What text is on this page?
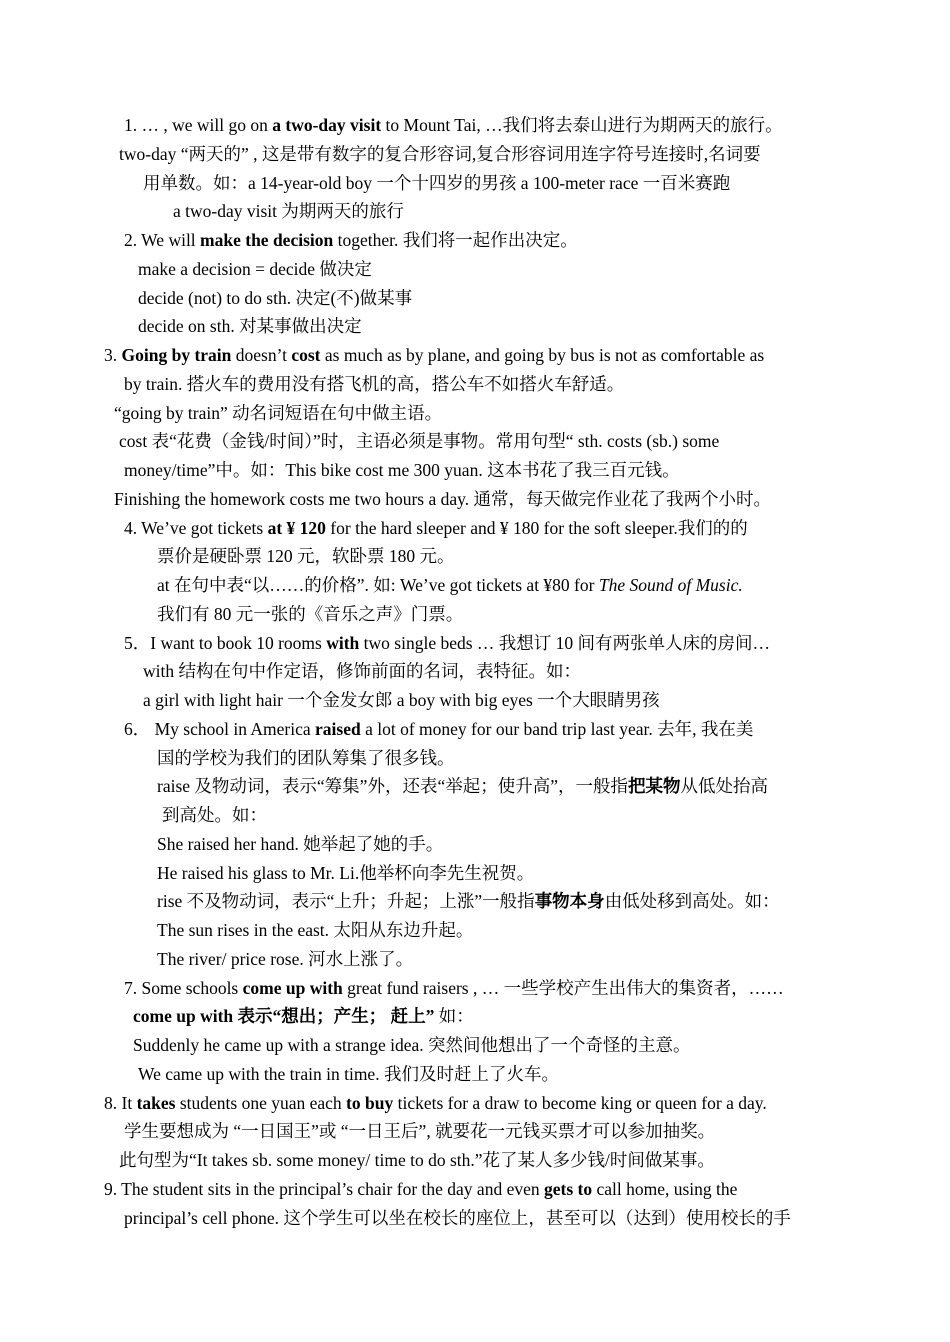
1. … , we will go on a two-day visit to Mount Tai, …我们将去泰山进行为期两天的旅行。
two-day “两天的” , 这是带有数字的复合形容词,复合形容词用连字符号连接时,名词要
用单数。如：a 14-year-old boy 一个十四岁的男孩 a 100-meter race 一百米赛跑
a two-day visit 为期两天的旅行
2. We will make the decision together. 我们将一起作出决定。
make a decision = decide 做决定
decide (not) to do sth. 决定(不)做某事
decide on sth. 对某事做出决定
3. Going by train doesn’t cost as much as by plane, and going by bus is not as comfortable as
by train. 搭火车的费用没有搭飞机的高，搭公车不如搭火车舒适。
“going by train” 动名词短语在句中做主语。
cost 表“花费（金钱/时间）”时，主语必须是事物。常用句型“ sth. costs (sb.) some
money/time”中。如：This bike cost me 300 yuan. 这本书花了我三百元钱。
Finishing the homework costs me two hours a day. 通常，每天做完作业花了我两个小时。
4. We’ve got tickets at ¥ 120 for the hard sleeper and ¥ 180 for the soft sleeper.我们的的
票价是硬卧票 120 元，软卧票 180 元。
at 在句中表“以……的价格”. 如: We’ve got tickets at ¥80 for The Sound of Music.
我们有 80 元一张的《音乐之声》门票。
5．I want to book 10 rooms with two single beds … 我想订 10 间有两张单人床的房间…
with 结构在句中作定语，修饰前面的名词，表特征。如：
a girl with light hair 一个金发女郎 a boy with big eyes 一个大眼睛男孩
6． My school in America raised a lot of money for our band trip last year. 去年, 我在美
国的学校为我们的团队筹集了很多钱。
raise 及物动词，表示“筹集”外，还表“举起；使升高”，一般指把某物从低处抬高
到高处。如：
She raised her hand. 她举起了她的手。
He raised his glass to Mr. Li.他举杯向李先生祝贺。
rise 不及物动词，表示“上升；升起；上涨”一般指事物本身由低处移到高处。如：
The sun rises in the east. 太阳从东边升起。
The river/ price rose. 河水上涨了。
7. Some schools come up with great fund raisers , … 一些学校产生出伟大的集资者，……
come up with 表示“想出；产生； 赶上” 如：
Suddenly he came up with a strange idea. 突然间他想出了一个奇怪的主意。
We came up with the train in time. 我们及时赶上了火车。
8. It takes students one yuan each to buy tickets for a draw to become king or queen for a day.
学生要想成为 “一日国王”或 “一日王后”, 就要花一元钱买票才可以参加抽奖。
此句型为“It takes sb. some money/ time to do sth.”花了某人多少钱/时间做某事。
9. The student sits in the principal’s chair for the day and even gets to call home, using the
principal’s cell phone. 这个学生可以坐在校长的座位上，甚至可以（达到）使用校长的手
